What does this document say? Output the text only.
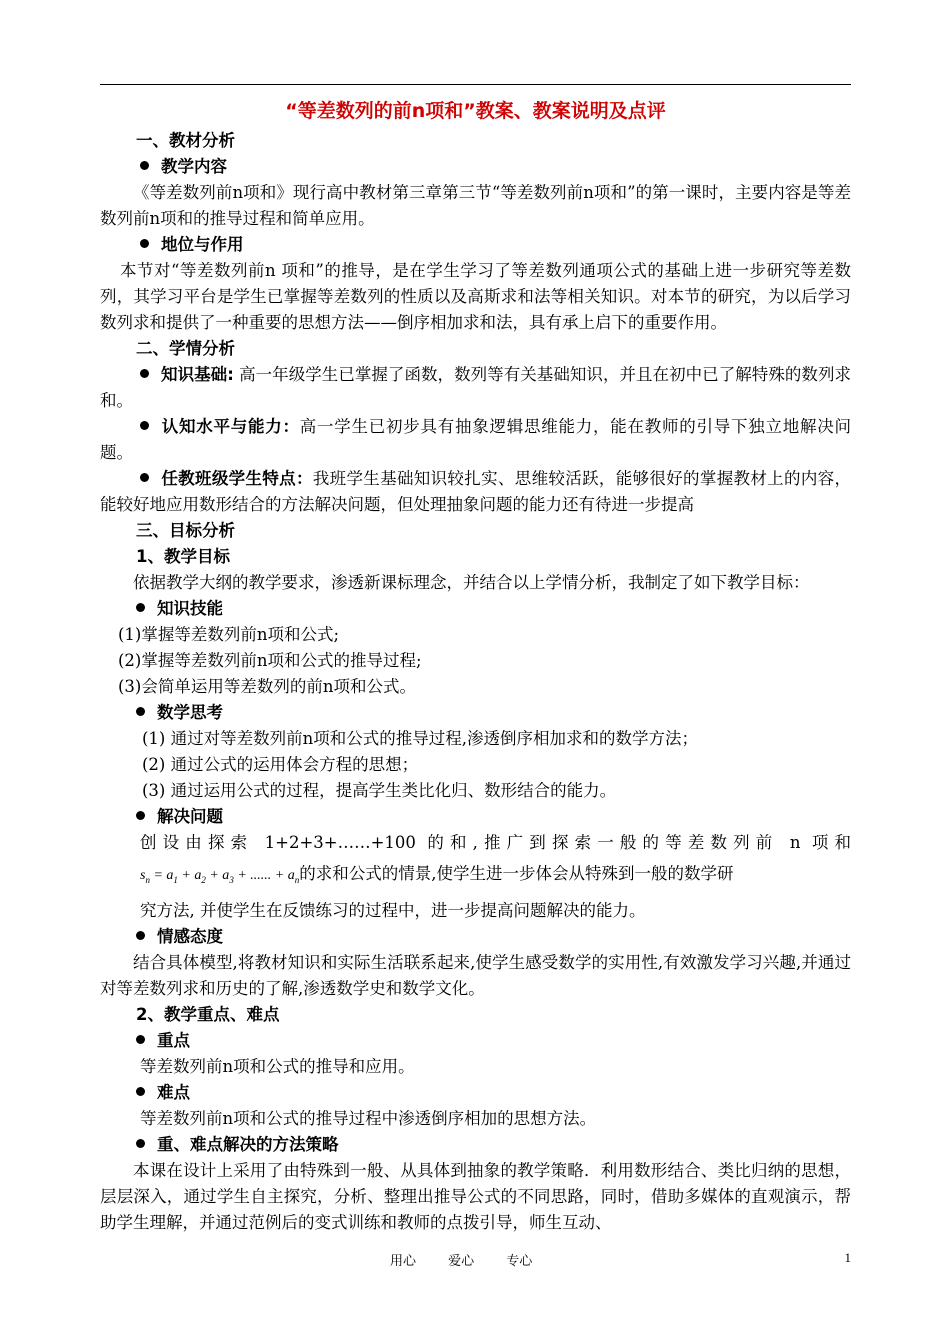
“等差数列的前n项和”教案、教案说明及点评
一、教材分析
教学内容
《等差数列前n项和》现行高中教材第三章第三节“等差数列前n项和”的第一课时，主要内容是等差数列前n项和的推导过程和简单应用。
地位与作用
本节对“等差数列前n 项和”的推导，是在学生学习了等差数列通项公式的基础上进一步研究等差数列，其学习平台是学生已掌握等差数列的性质以及高斯求和法等相关知识。对本节的研究，为以后学习数列求和提供了一种重要的思想方法——倒序相加求和法，具有承上启下的重要作用。
二、学情分析
知识基础: 高一年级学生已掌握了函数，数列等有关基础知识，并且在初中已了解特殊的数列求和。
认知水平与能力：高一学生已初步具有抽象逻辑思维能力，能在教师的引导下独立地解决问题。
任教班级学生特点：我班学生基础知识较扎实、思维较活跃，能够很好的掌握教材上的内容，能较好地应用数形结合的方法解决问题，但处理抽象问题的能力还有待进一步提高
三、目标分析
1、教学目标
依据教学大纲的教学要求，渗透新课标理念，并结合以上学情分析，我制定了如下教学目标：
知识技能
(1)掌握等差数列前n项和公式;
(2)掌握等差数列前n项和公式的推导过程;
(3)会简单运用等差数列的前n项和公式。
数学思考
(1) 通过对等差数列前n项和公式的推导过程,渗透倒序相加求和的数学方法；
(2) 通过公式的运用体会方程的思想；
(3) 通过运用公式的过程，提高学生类比化归、数形结合的能力。
解决问题
创设由探索 1+2+3+……+100 的和,推广到探索一般的等差数列前 n 项和
$s_n = a_1 + a_2 + a_3$ + ...... + $a_n$的求和公式的情景,使学生进一步体会从特殊到一般的数学研
究方法, 并使学生在反馈练习的过程中，进一步提高问题解决的能力。
情感态度
结合具体模型,将教材知识和实际生活联系起来,使学生感受数学的实用性,有效激发学习兴趣,并通过对等差数列求和历史的了解,渗透数学史和数学文化。
2、教学重点、难点
重点
等差数列前n项和公式的推导和应用。
难点
等差数列前n项和公式的推导过程中渗透倒序相加的思想方法。
重、难点解决的方法策略
本课在设计上采用了由特殊到一般、从具体到抽象的教学策略．利用数形结合、类比归纳的思想，层层深入，通过学生自主探究，分析、整理出推导公式的不同思路，同时，借助多媒体的直观演示，帮助学生理解，并通过范例后的变式训练和教师的点拨引导，师生互动、
用心 爱心 专心	1
